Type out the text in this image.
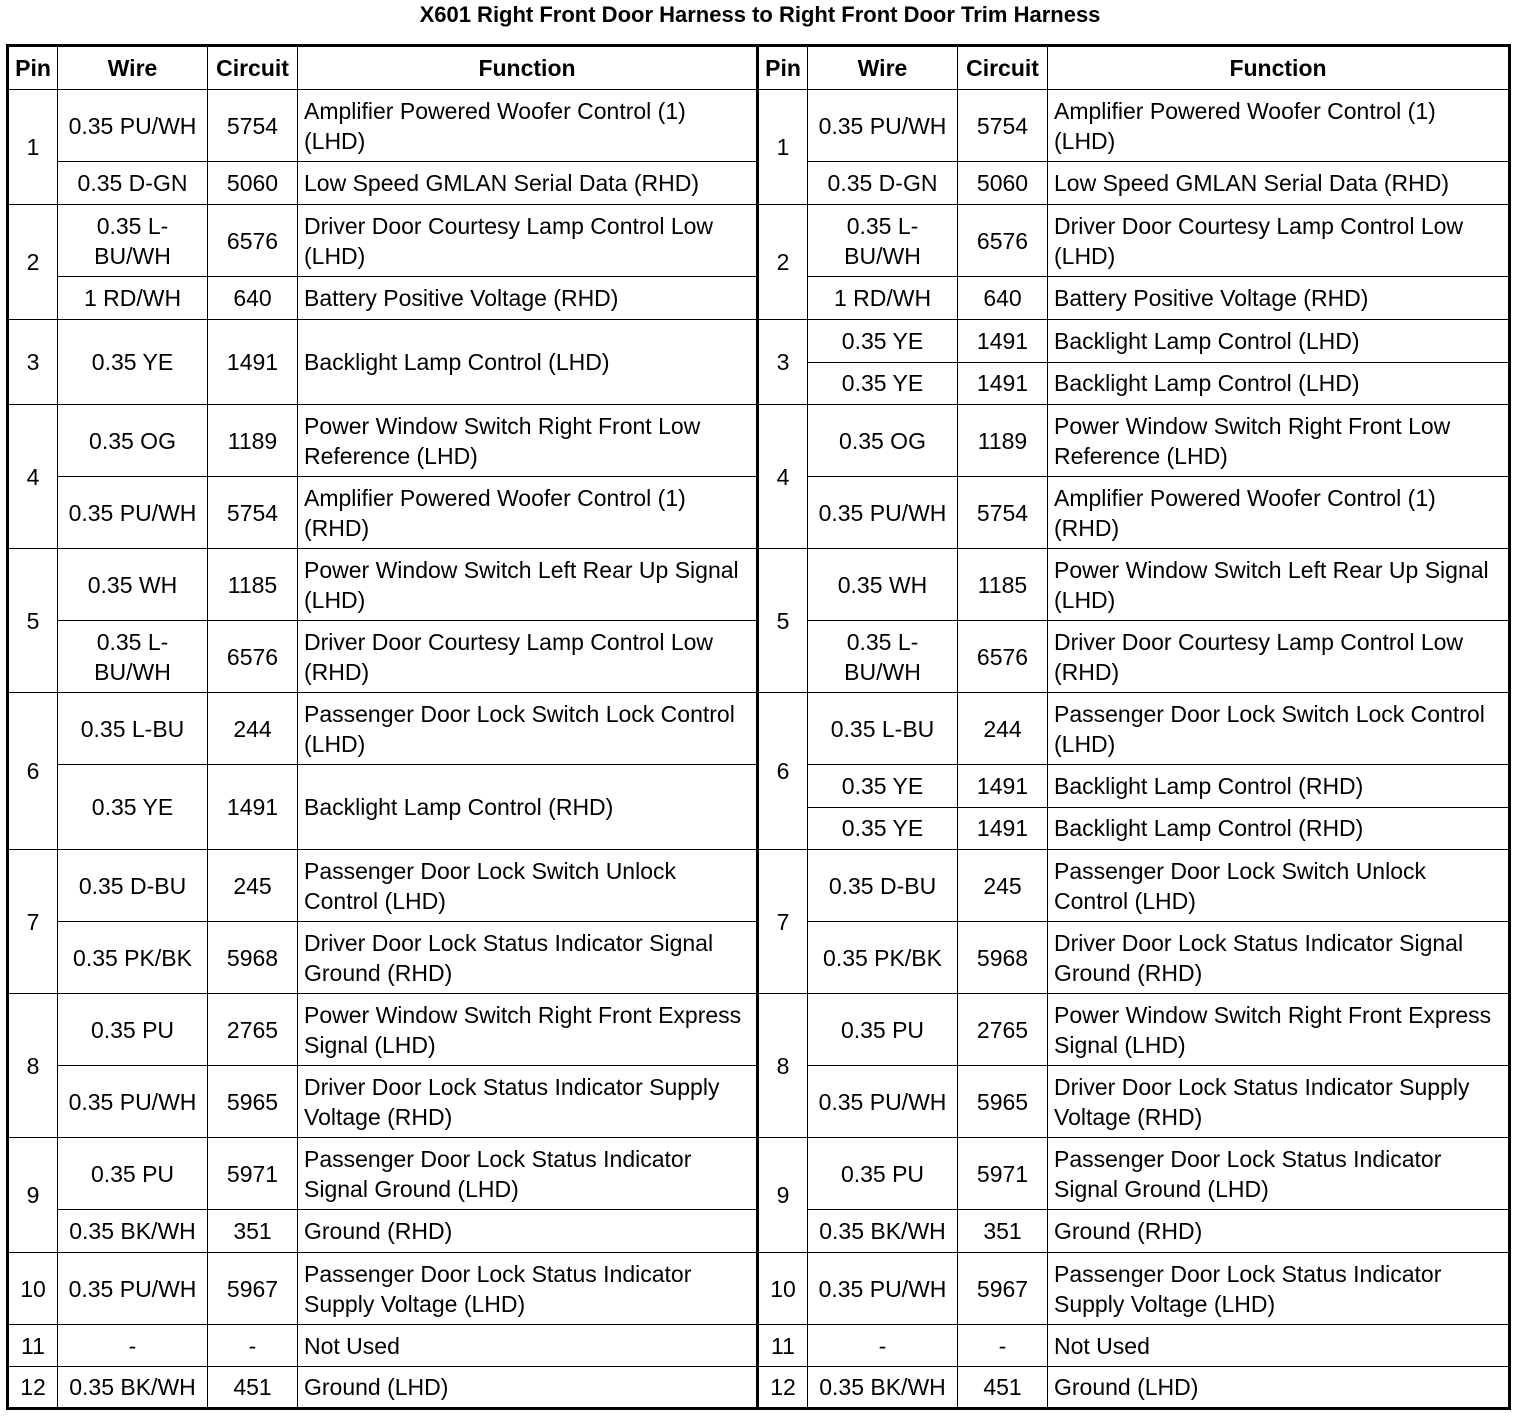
X601 Right Front Door Harness to Right Front Door Trim Harness
Pin	Wire	Circuit	Function	Pin	Wire	Circuit	Function
1	0.35 PU/WH	5754	Amplifier Powered Woofer Control (1) (LHD)	1	0.35 PU/WH	5754	Amplifier Powered Woofer Control (1) (LHD)
	0.35 D-GN	5060	Low Speed GMLAN Serial Data (RHD)		0.35 D-GN	5060	Low Speed GMLAN Serial Data (RHD)
2	0.35 L-BU/WH	6576	Driver Door Courtesy Lamp Control Low (LHD)	2	0.35 L-BU/WH	6576	Driver Door Courtesy Lamp Control Low (LHD)
	1 RD/WH	640	Battery Positive Voltage (RHD)		1 RD/WH	640	Battery Positive Voltage (RHD)
3	0.35 YE	1491	Backlight Lamp Control (LHD)	3	0.35 YE	1491	Backlight Lamp Control (LHD)
					0.35 YE	1491	Backlight Lamp Control (LHD)
4	0.35 OG	1189	Power Window Switch Right Front Low Reference (LHD)	4	0.35 OG	1189	Power Window Switch Right Front Low Reference (LHD)
	0.35 PU/WH	5754	Amplifier Powered Woofer Control (1) (RHD)		0.35 PU/WH	5754	Amplifier Powered Woofer Control (1) (RHD)
5	0.35 WH	1185	Power Window Switch Left Rear Up Signal (LHD)	5	0.35 WH	1185	Power Window Switch Left Rear Up Signal (LHD)
	0.35 L-BU/WH	6576	Driver Door Courtesy Lamp Control Low (RHD)		0.35 L-BU/WH	6576	Driver Door Courtesy Lamp Control Low (RHD)
6	0.35 L-BU	244	Passenger Door Lock Switch Lock Control (LHD)	6	0.35 L-BU	244	Passenger Door Lock Switch Lock Control (LHD)
	0.35 YE	1491	Backlight Lamp Control (RHD)		0.35 YE	1491	Backlight Lamp Control (RHD)
					0.35 YE	1491	Backlight Lamp Control (RHD)
7	0.35 D-BU	245	Passenger Door Lock Switch Unlock Control (LHD)	7	0.35 D-BU	245	Passenger Door Lock Switch Unlock Control (LHD)
	0.35 PK/BK	5968	Driver Door Lock Status Indicator Signal Ground (RHD)		0.35 PK/BK	5968	Driver Door Lock Status Indicator Signal Ground (RHD)
8	0.35 PU	2765	Power Window Switch Right Front Express Signal (LHD)	8	0.35 PU	2765	Power Window Switch Right Front Express Signal (LHD)
	0.35 PU/WH	5965	Driver Door Lock Status Indicator Supply Voltage (RHD)		0.35 PU/WH	5965	Driver Door Lock Status Indicator Supply Voltage (RHD)
9	0.35 PU	5971	Passenger Door Lock Status Indicator Signal Ground (LHD)	9	0.35 PU	5971	Passenger Door Lock Status Indicator Signal Ground (LHD)
	0.35 BK/WH	351	Ground (RHD)		0.35 BK/WH	351	Ground (RHD)
10	0.35 PU/WH	5967	Passenger Door Lock Status Indicator Supply Voltage (LHD)	10	0.35 PU/WH	5967	Passenger Door Lock Status Indicator Supply Voltage (LHD)
11	-	-	Not Used	11	-	-	Not Used
12	0.35 BK/WH	451	Ground (LHD)	12	0.35 BK/WH	451	Ground (LHD)
